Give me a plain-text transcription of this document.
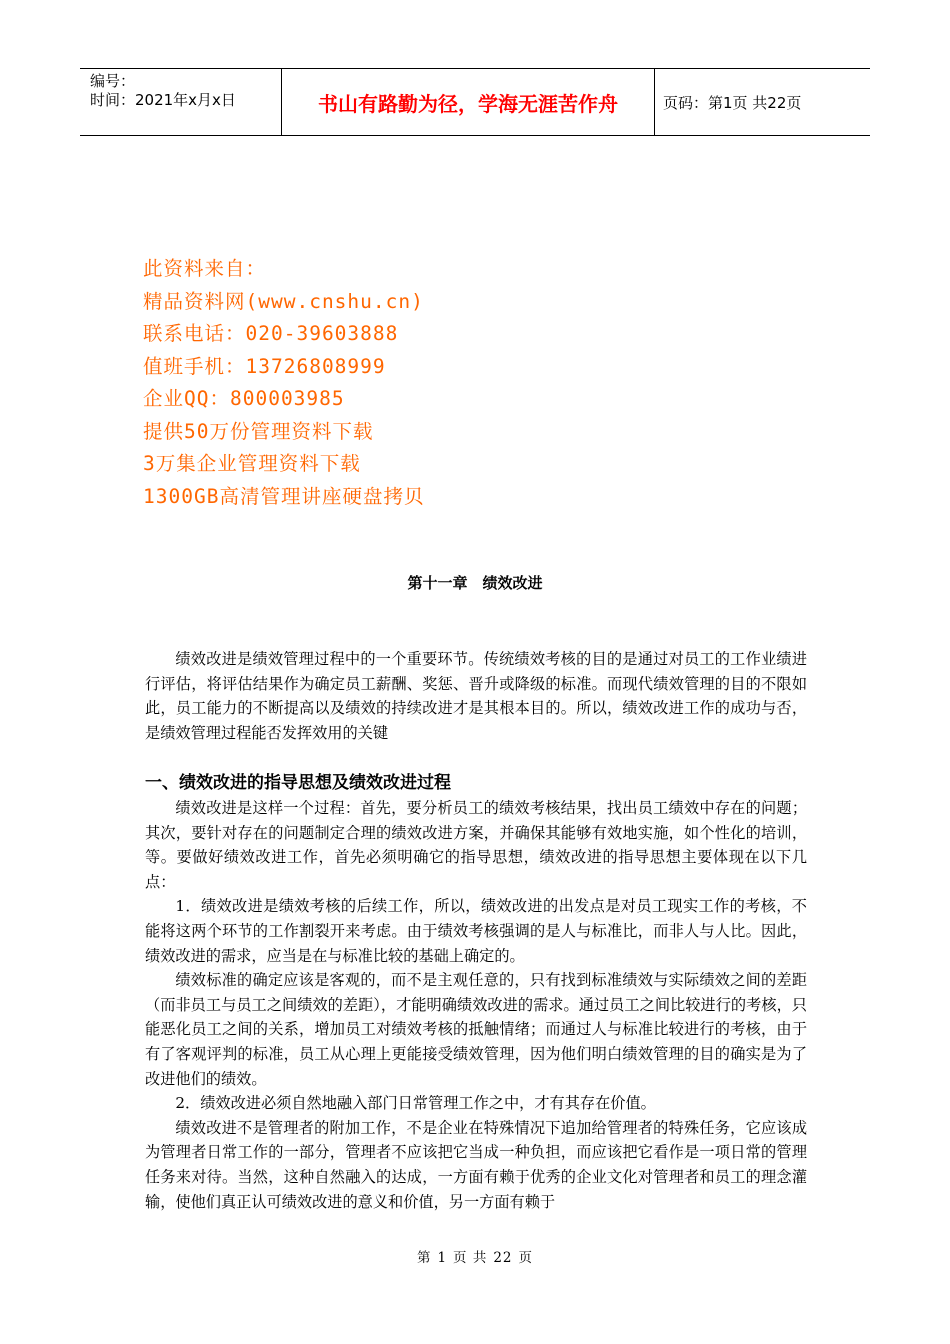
编号：
时间：2021年x月x日	书山有路勤为径，学海无涯苦作舟	页码：第1页 共22页
此资料来自：
精品资料网(www.cnshu.cn)
联系电话：020-39603888
值班手机：13726808999
企业QQ：800003985
提供50万份管理资料下载
3万集企业管理资料下载
1300GB高清管理讲座硬盘拷贝
第十一章　绩效改进

绩效改进是绩效管理过程中的一个重要环节。传统绩效考核的目的是通过对员工的工作业绩进行评估，将评估结果作为确定员工薪酬、奖惩、晋升或降级的标准。而现代绩效管理的目的不限如此，员工能力的不断提高以及绩效的持续改进才是其根本目的。所以，绩效改进工作的成功与否，是绩效管理过程能否发挥效用的关键

一、绩效改进的指导思想及绩效改进过程

绩效改进是这样一个过程：首先，要分析员工的绩效考核结果，找出员工绩效中存在的问题；其次，要针对存在的问题制定合理的绩效改进方案，并确保其能够有效地实施，如个性化的培训，等。要做好绩效改进工作，首先必须明确它的指导思想，绩效改进的指导思想主要体现在以下几点：

1．绩效改进是绩效考核的后续工作，所以，绩效改进的出发点是对员工现实工作的考核，不能将这两个环节的工作割裂开来考虑。由于绩效考核强调的是人与标准比，而非人与人比。因此，绩效改进的需求，应当是在与标准比较的基础上确定的。

绩效标准的确定应该是客观的，而不是主观任意的，只有找到标准绩效与实际绩效之间的差距（而非员工与员工之间绩效的差距），才能明确绩效改进的需求。通过员工之间比较进行的考核，只能恶化员工之间的关系，增加员工对绩效考核的抵触情绪；而通过人与标准比较进行的考核，由于有了客观评判的标准，员工从心理上更能接受绩效管理，因为他们明白绩效管理的目的确实是为了改进他们的绩效。

2．绩效改进必须自然地融入部门日常管理工作之中，才有其存在价值。

绩效改进不是管理者的附加工作，不是企业在特殊情况下追加给管理者的特殊任务，它应该成为管理者日常工作的一部分，管理者不应该把它当成一种负担，而应该把它看作是一项日常的管理任务来对待。当然，这种自然融入的达成，一方面有赖于优秀的企业文化对管理者和员工的理念灌输，使他们真正认可绩效改进的意义和价值，另一方面有赖于

第 1 页 共 22 页
